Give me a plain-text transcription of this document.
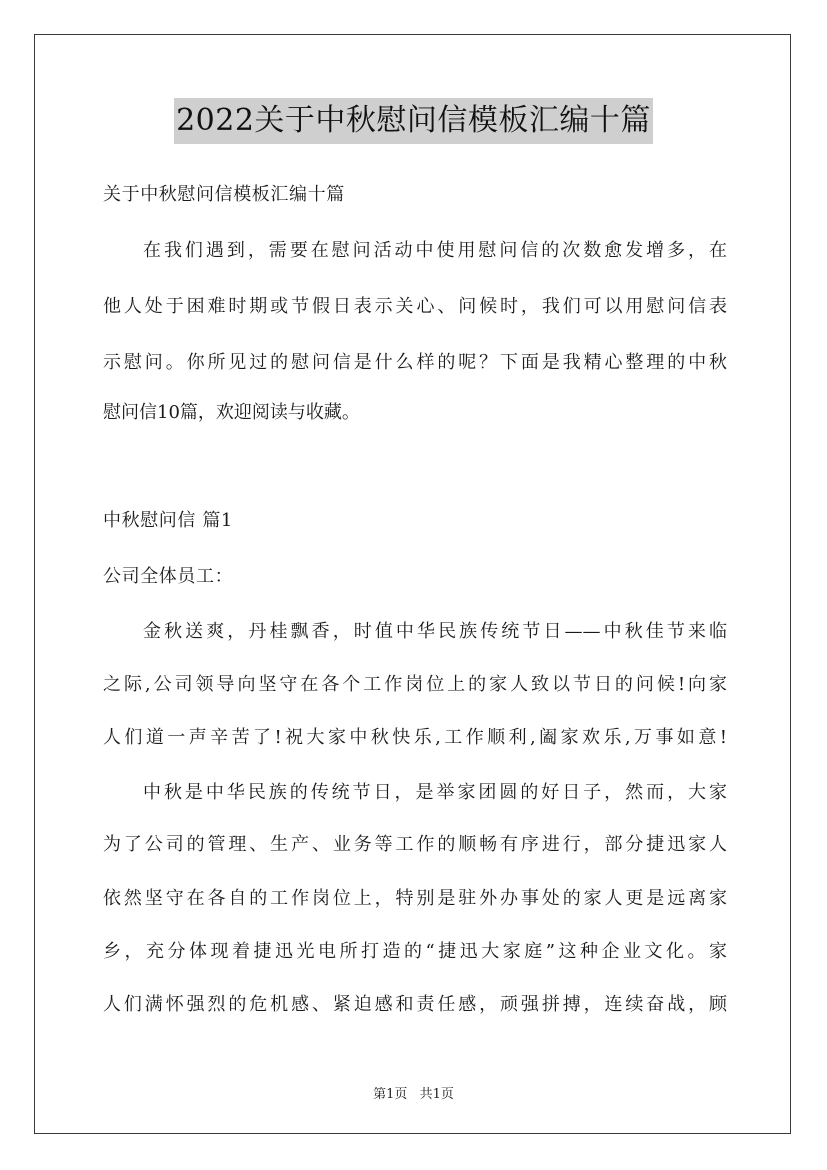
2022关于中秋慰问信模板汇编十篇
关于中秋慰问信模板汇编十篇
在我们遇到，需要在慰问活动中使用慰问信的次数愈发增多，在
他人处于困难时期或节假日表示关心、问候时，我们可以用慰问信表
示慰问。你所见过的慰问信是什么样的呢？下面是我精心整理的中秋
慰问信10篇，欢迎阅读与收藏。
中秋慰问信 篇1
公司全体员工：
金秋送爽，丹桂飘香，时值中华民族传统节日——中秋佳节来临
之际,公司领导向坚守在各个工作岗位上的家人致以节日的问候!向家
人们道一声辛苦了!祝大家中秋快乐,工作顺利,阖家欢乐,万事如意!
中秋是中华民族的传统节日，是举家团圆的好日子，然而，大家
为了公司的管理、生产、业务等工作的顺畅有序进行，部分捷迅家人
依然坚守在各自的工作岗位上，特别是驻外办事处的家人更是远离家
乡，充分体现着捷迅光电所打造的“捷迅大家庭”这种企业文化。家
人们满怀强烈的危机感、紧迫感和责任感，顽强拼搏，连续奋战，顾
第1页 共1页
